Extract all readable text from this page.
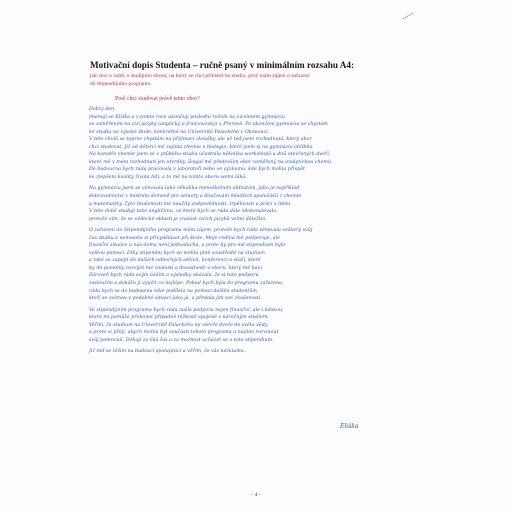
Motivační dopis Studenta – ručně psaný v minimálním rozsahu A4:
pár slov o sobě, o studijním oboru, na který se chci přihlásit ke studiu, proč mám zájem o zařazení
do Stipendijního programu.
Proč chci studovat právě tento obor?
Dobrý den,
jmenuji se Eliška a v tomto roce ukončuji poslední ročník na víceletém gymnáziu
se zaměřením na cizí jazyky (anglický a francouzský) v Přerově. Po ukončení gymnázia se chystám
ke studiu na vysoké škole, konkrétně na Univerzitě Palackého v Olomouci.
V této chvíli se teprve chystám na přijímací zkoušky, ale už teď jsem rozhodnutá, který obor
chci studovat. Již od dětství mě zajímá chemie a biologie, které jsem si na gymnáziu oblíbila.
Na katedře chemie jsem se v průběhu studia účastnila několika workshopů a dnů otevřených dveří,
které mě v mém rozhodnutí jen utvrdily. Zaujal mě především obor zaměřený na analytickou chemii.
Do budoucna bych ráda pracovala v laboratoři nebo ve výzkumu, kde bych mohla přispět
ke zlepšení kvality života lidí, a to mě na tomto oboru velmi láká.
Na gymnáziu jsem se věnovala také několika mimoškolním aktivitám, jako je například
dobrovolnictví v místním domově pro seniory a doučování mladších spolužáků z chemie
a matematiky. Tyto zkušenosti mě naučily zodpovědnosti, trpělivosti a práci s lidmi.
V této době studuji také angličtinu, ve které bych se ráda dále zdokonalovala,
protože vím, že ve vědecké oblasti je znalost cizích jazyků velmi důležitá.
O zařazení do Stipendijního programu mám zájem, protože bych ráda věnovala veškerý svůj
čas studiu a nemusela si přivydělávat při škole. Moje rodina mě podporuje, ale
finanční situace u nás doma není jednoduchá, a proto by pro mě stipendium bylo
velkou pomocí. Díky stipendiu bych se mohla plně soustředit na studium
a také se zapojit do dalších odborných aktivit, konferencí a stáží, které
by mi pomohly rozvíjet mé znalosti a dovednosti v oboru, který mě baví.
Zároveň bych ráda svým úsilím a výsledky ukázala, že si tuto podporu
zasloužím a dokážu ji využít co nejlépe. Pokud bych byla do programu zařazena,
ráda bych se do budoucna také podílela na pomoci dalším studentům,
kteří se ocitnou v podobné situaci jako já, a předala jim své zkušenosti.
Ve stipendijním programu bych ráda našla podporu nejen finanční, ale i lidskou,
která mi pomůže překonat případné těžkosti spojené s náročným studiem.
Věřím, že studium na Univerzitě Palackého mi otevře dveře do světa vědy,
a proto si přeji, abych mohla být součástí tohoto programu a naplno rozvinout
svůj potenciál. Děkuji za Váš čas a za možnost ucházet se o toto stipendium.
Již teď se těším na budoucí spolupráci a věřím, že vás nezklamu.
Eliška
- 4 -
